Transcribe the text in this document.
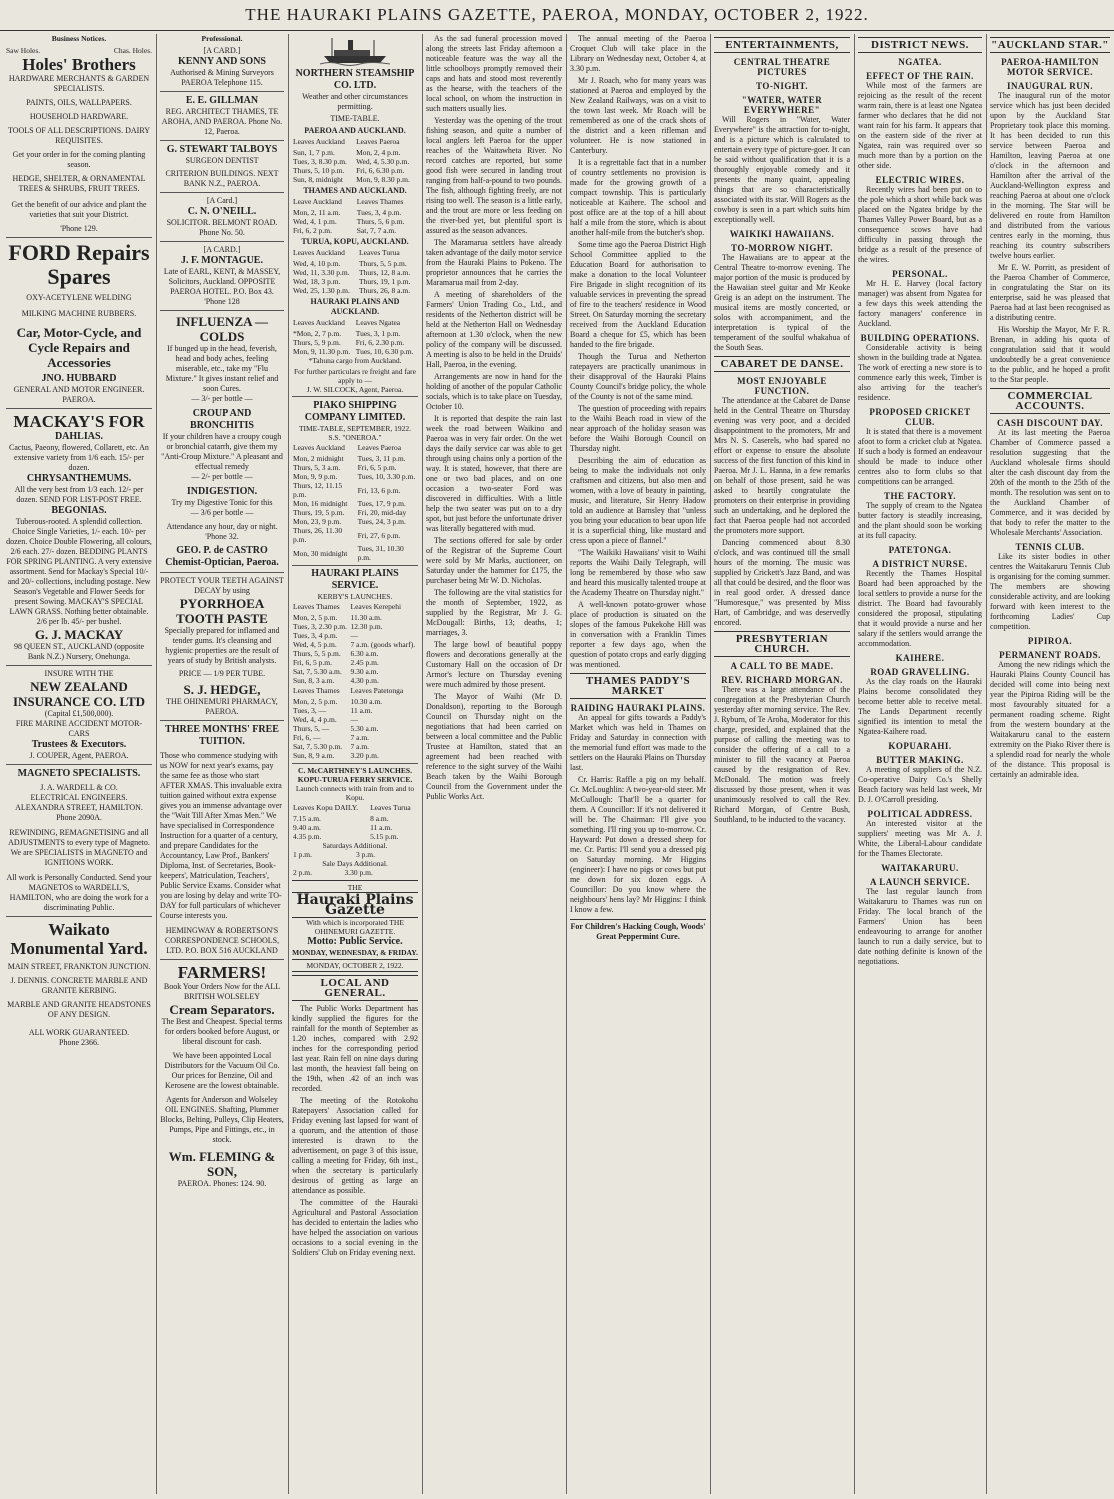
THE HAURAKI PLAINS GAZETTE, PAEROA, MONDAY, OCTOBER 2, 1922.
Business Notices.
Saw Holes.	Chas. Holes.
Holes' Brothers
HARDWARE MERCHANTS & GARDEN SPECIALISTS.
PAINTS, OILS, WALLPAPERS.
HOUSEHOLD HARDWARE.
TOOLS OF ALL DESCRIPTIONS. DAIRY REQUISITES.
Get your order in for the coming planting season.
HEDGE, SHELTER, & ORNAMENTAL TREES & SHRUBS, FRUIT TREES.
Get the benefit of our advice and plant the varieties that suit your District.
'Phone 129.
FORD Repairs
Spares
OXY-ACETYLENE WELDING
MILKING MACHINE RUBBERS.
Car, Motor-Cycle, and Cycle Repairs and Accessories
JNO. HUBBARD
GENERAL AND MOTOR ENGINEER. PAEROA.
MACKAY'S FOR
DAHLIAS.
Cactus, Paeony, flowered, Collarett, etc. An extensive variety from 1/6 each. 15/- per dozen.
CHRYSANTHEMUMS.
All the very best from 1/3 each. 12/- per dozen. SEND FOR LIST-POST FREE.
BEGONIAS.
Tuberous-rooted. A splendid collection. Choice Single Varieties, 1/- each. 10/- per dozen. Choice Double Flowering, all colours, 2/6 each. 27/- dozen. BEDDING PLANTS FOR SPRING PLANTING. A very extensive assortment. Send for Mackay's Special 10/- and 20/- collections, including postage. New Season's Vegetable and Flower Seeds for present Sowing. MACKAY'S SPECIAL LAWN GRASS. Nothing better obtainable. 2/6 per lb. 45/- per bushel.
G. J. MACKAY
98 QUEEN ST., AUCKLAND (opposite Bank N.Z.) Nursery, Onehunga.
INSURE WITH THE
NEW ZEALAND INSURANCE CO. LTD
(Capital £1,500,000).
FIRE MARINE ACCIDENT MOTOR-CARS
Trustees & Executors.
J. COUPER, Agent, PAEROA.
MAGNETO SPECIALISTS.
J. A. WARDELL & CO.
ELECTRICAL ENGINEERS. ALEXANDRA STREET, HAMILTON. Phone 2090A.
REWINDING, REMAGNETISING and all ADJUSTMENTS to every type of Magneto. We are SPECIALISTS in MAGNETO and IGNITIONS WORK.
All work is Personally Conducted. Send your MAGNETOS to WARDELL'S, HAMILTON, who are doing the work for a discriminating Public.
Waikato Monumental Yard.
MAIN STREET, FRANKTON JUNCTION.
J. DENNIS. CONCRETE MARBLE AND GRANITE KERBING.
MARBLE AND GRANITE HEADSTONES OF ANY DESIGN.
ALL WORK GUARANTEED.
Phone 2366.
Professional.
[A CARD.]
KENNY AND SONS
Authorised & Mining Surveyors PAEROA Telephone 115.
E. E. GILLMAN
REG. ARCHITECT THAMES, TE AROHA, AND PAEROA. Phone No. 12, Paeroa.
G. STEWART TALBOYS
SURGEON DENTIST
CRITERION BUILDINGS. NEXT BANK N.Z., PAEROA.
[A Card.]
C. N. O'NEILL.
SOLICITOR. BELMONT ROAD. Phone No. 50.
[A CARD.]
J. F. MONTAGUE.
Late of EARL, KENT, & MASSEY, Solicitors, Auckland. OPPOSITE PAEROA HOTEL. P.O. Box 43. 'Phone 128
INFLUENZA — COLDS
If bunged up in the head, feverish, head and body aches, feeling miserable, etc., take my "Flu Mixture." It gives instant relief and soon Cures.
— 3/- per bottle —
CROUP AND BRONCHITIS
If your children have a croupy cough or bronchial catarrh, give them my "Anti-Croup Mixture." A pleasant and effectual remedy
— 2/- per bottle —
INDIGESTION.
Try my Digestive Tonic for this
— 3/6 per bottle —
Attendance any hour, day or night. 'Phone 32.
GEO. P. de CASTRO Chemist-Optician, Paeroa.
PROTECT YOUR TEETH AGAINST DECAY by using
PYORRHOEA TOOTH PASTE
Specially prepared for inflamed and tender gums. It's cleansing and hygienic properties are the result of years of study by British analysts.
PRICE — 1/9 PER TUBE.
S. J. HEDGE,
THE OHINEMURI PHARMACY, PAEROA.
THREE MONTHS' FREE TUITION.
Those who commence studying with us NOW for next year's exams, pay the same fee as those who start AFTER XMAS. This invaluable extra tuition gained without extra expense gives you an immense advantage over the "Wait Till After Xmas Men." We have specialised in Correspondence Instruction for a quarter of a century, and prepare Candidates for the Accountancy, Law Prof., Bankers' Diploma, Inst. of Secretaries, Book-keepers', Matriculation, Teachers', Public Service Exams. Consider what you are losing by delay and write TO-DAY for full particulars of whichever Course interests you.
HEMINGWAY & ROBERTSON'S CORRESPONDENCE SCHOOLS, LTD. P.O. BOX 516 AUCKLAND
FARMERS!
Book Your Orders Now for the ALL BRITISH WOLSELEY
Cream Separators.
The Best and Cheapest. Special terms for orders booked before August, or liberal discount for cash.
We have been appointed Local Distributors for the Vacuum Oil Co. Our prices for Benzine, Oil and Kerosene are the lowest obtainable.
Agents for Anderson and Wolseley OIL ENGINES. Shafting, Plummer Blocks, Belting, Pulleys, Clip Heaters, Pumps, Pipe and Fittings, etc., in stock.
Wm. FLEMING & SON,
PAEROA. Phones: 124. 90.
NORTHERN STEAMSHIP CO. LTD.
Weather and other circumstances permitting.
TIME-TABLE.
PAEROA AND AUCKLAND.
Leaves Auckland	Leaves Paeroa
Sun, 1, 7 p.m.	Mon, 2, 4 p.m.
Tues, 3, 8.30 p.m.	Wed, 4, 5.30 p.m.
Thurs, 5, 10 p.m.	Fri, 6, 6.30 p.m.
Sun, 8, midnight	Mon, 9, 8.30 p.m.
THAMES AND AUCKLAND.
Leave Auckland	Leaves Thames
Mon, 2, 11 a.m.	Tues, 3, 4 p.m.
Wed, 4, 1 p.m.	Thurs, 5, 6 p.m.
Fri, 6, 2 p.m.	Sat, 7, 7 a.m.
TURUA, KOPU, AUCKLAND.
Leaves Auckland	Leaves Turua
Wed, 4, 10 p.m.	Thurs, 5, 5 p.m.
Wed, 11, 3.30 p.m.	Thurs, 12, 8 a.m.
Wed, 18, 3 p.m.	Thurs, 19, 1 p.m.
Wed, 25, 1.30 p.m.	Thurs, 26, 8 a.m.
HAURAKI PLAINS AND AUCKLAND.
Leaves Auckland	Leaves Ngatea
*Mon, 2, 7 p.m.	Tues, 3, 1 p.m.
Thurs, 5, 9 p.m.	Fri, 6, 2.30 p.m.
Mon, 9, 11.30 p.m.	Tues, 10, 6.30 p.m.
*Tahuna cargo from Auckland.
For further particulars re freight and fare apply to —
J. W. SILCOCK, Agent, Paeroa.
PIAKO SHIPPING COMPANY LIMITED.
TIME-TABLE, SEPTEMBER, 1922. S.S. "ONEROA."
Leaves Auckland	Leaves Paeroa
Mon, 2 midnight	Tues, 3, 11 p.m.
Thurs, 5, 3 a.m.	Fri, 6, 5 p.m.
Mon, 9, 9 p.m.	Tues, 10, 3.30 p.m.
Thurs, 12, 11.15 p.m.	Fri, 13, 6 p.m.
Mon, 16 midnight	Tues, 17, 9 p.m.
Thurs, 19, 5 p.m.	Fri, 20, mid-day
Mon, 23, 9 p.m.	Tues, 24, 3 p.m.
Thurs, 26, 11.30 p.m.	Fri, 27, 6 p.m.
Mon, 30 midnight	Tues, 31, 10.30 p.m.
HAURAKI PLAINS SERVICE.
KERBY'S LAUNCHES.
Leaves Thames	Leaves Kerepehi
Mon, 2, 5 p.m.	11.30 a.m.
Tues, 3, 2.30 p.m.	12.30 p.m.
Tues, 3, 4 p.m.	—
Wed, 4, 5 p.m.	7 a.m. (goods wharf).
Thurs, 5, 5 p.m.	6.30 a.m.
Fri, 6, 5 p.m.	2.45 p.m.
Sat, 7, 5.30 a.m.	9.30 a.m.
Sun, 8, 3 a.m.	4.30 p.m.
Leaves Thames	Leaves Patetonga
Mon, 2, 5 p.m.	10.30 a.m.
Tues, 3, —	11 a.m.
Wed, 4, 4 p.m.	—
Thurs, 5, —	5.30 a.m.
Fri, 6, —	7 a.m.
Sat, 7, 5.30 p.m.	7 a.m.
Sun, 8, 9 a.m.	3.20 p.m.
C. McCARTHNEY'S LAUNCHES. KOPU-TURUA FERRY SERVICE.
Launch connects with train from and to Kopu.
Leaves Kopu DAILY.	Leaves Turua
7.15 a.m.	8 a.m.
9.40 a.m.	11 a.m.
4.35 p.m.	5.15 p.m.
Saturdays Additional.
1 p.m.	3 p.m.
Sale Days Additional.
2 p.m.	3.30 p.m.
THE
Hauraki Plains Gazette
With which is incorporated THE OHINEMURI GAZETTE.
Motto: Public Service.
MONDAY, WEDNESDAY, & FRIDAY.
MONDAY, OCTOBER 2, 1922.
LOCAL AND GENERAL.

The Public Works Department has kindly supplied the figures for the rainfall for the month of September as 1.20 inches, compared with 2.92 inches for the corresponding period last year. Rain fell on nine days during last month, the heaviest fall being on the 19th, when .42 of an inch was recorded.

The meeting of the Rotokohu Ratepayers' Association called for Friday evening last lapsed for want of a quorum, and the attention of those interested is drawn to the advertisement, on page 3 of this issue, calling a meeting for Friday, 6th inst., when the secretary is particularly desirous of getting as large an attendance as possible.

The committee of the Hauraki Agricultural and Pastoral Association has decided to entertain the ladies who have helped the association on various occasions to a social evening in the Soldiers' Club on Friday evening next.

As the sad funeral procession moved along the streets last Friday afternoon a noticeable feature was the way all the little schoolboys promptly removed their caps and hats and stood most reverently as the hearse, with the teachers of the local school, on whom the instruction in such matters usually lies.

Yesterday was the opening of the trout fishing season, and quite a number of local anglers left Paeroa for the upper reaches of the Waitawheta River. No record catches are reported, but some good fish were secured in landing trout ranging from half-a-pound to two pounds. The fish, although fighting freely, are not rising too well. The season is a little early, and the trout are more or less feeding on the river-bed yet, but plentiful sport is assured as the season advances.

The Maramarua settlers have already taken advantage of the daily motor service from the Hauraki Plains to Pokeno. The proprietor announces that he carries the Maramarua mail from 2-day.

A meeting of shareholders of the Farmers' Union Trading Co., Ltd., and residents of the Netherton district will be held at the Netherton Hall on Wednesday afternoon at 1.30 o'clock, when the new policy of the company will be discussed. A meeting is also to be held in the Druids' Hall, Paeroa, in the evening.

Arrangements are now in hand for the holding of another of the popular Catholic socials, which is to take place on Tuesday, October 10.

It is reported that despite the rain last week the road between Waikino and Paeroa was in very fair order. On the wet days the daily service car was able to get through using chains only a portion of the way. It is stated, however, that there are one or two bad places, and on one occasion a two-seater Ford was discovered in difficulties. With a little help the two seater was put on to a dry spot, but just before the unfortunate driver was literally begattered with mud.

The sections offered for sale by order of the Registrar of the Supreme Court were sold by Mr Marks, auctioneer, on Saturday under the hammer for £175, the purchaser being Mr W. D. Nicholas.

The following are the vital statistics for the month of September, 1922, as supplied by the Registrar, Mr J. G. McDougall: Births, 13; deaths, 1; marriages, 3.

The large bowl of beautiful poppy flowers and decorations generally at the Customary Hall on the occasion of Dr Armor's lecture on Thursday evening were much admired by those present.

The Mayor of Waihi (Mr D. Donaldson), reporting to the Borough Council on Thursday night on the negotiations that had been carried on between a local committee and the Public Trustee at Hamilton, stated that an agreement had been reached with reference to the sight survey of the Waihi Beach taken by the Waihi Borough Council from the Government under the Public Works Act.

The annual meeting of the Paeroa Croquet Club will take place in the Library on Wednesday next, October 4, at 3.30 p.m.

Mr J. Roach, who for many years was stationed at Paeroa and employed by the New Zealand Railways, was on a visit to the town last week. Mr Roach will be remembered as one of the crack shots of the district and a keen rifleman and volunteer. He is now stationed in Canterbury.

It is a regrettable fact that in a number of country settlements no provision is made for the growing growth of a compact township. This is particularly noticeable at Kaihere. The school and post office are at the top of a hill about half a mile from the store, which is about another half-mile from the butcher's shop.

Some time ago the Paeroa District High School Committee applied to the Education Board for authorisation to make a donation to the local Volunteer Fire Brigade in slight recognition of its valuable services in preventing the spread of fire to the teachers' residence in Wood Street. On Saturday morning the secretary received from the Auckland Education Board a cheque for £5, which has been handed to the fire brigade.

Though the Turua and Netherton ratepayers are practically unanimous in their disapproval of the Hauraki Plains County Council's bridge policy, the whole of the County is not of the same mind.

The question of proceeding with repairs to the Waihi Beach road in view of the near approach of the holiday season was before the Waihi Borough Council on Thursday night.

Describing the aim of education as being to make the individuals not only craftsmen and citizens, but also men and women, with a love of beauty in painting, music, and literature, Sir Henry Hadow told an audience at Barnsley that "unless you bring your education to bear upon life it is a superficial thing, like mustard and cress upon a piece of flannel."

"The Waikiki Hawaiians' visit to Waihi reports the Waihi Daily Telegraph, will long be remembered by those who saw and heard this musically talented troupe at the Academy Theatre on Thursday night."

A well-known potato-grower whose place of production is situated on the slopes of the famous Pukekohe Hill was in conversation with a Franklin Times reporter a few days ago, when the question of potato crops and early digging was mentioned.

THAMES PADDY'S MARKET
RAIDING HAURAKI PLAINS.

An appeal for gifts towards a Paddy's Market which was held in Thames on Friday and Saturday in connection with the memorial fund effort was made to the settlers on the Hauraki Plains on Thursday last.

Cr. Harris: Raffle a pig on my behalf. Cr. McLoughlin: A two-year-old steer. Mr McCullough: That'll be a quarter for them. A Councillor: If it's not delivered it will be. The Chairman: I'll give you something. I'll ring you up to-morrow. Cr. Hayward: Put down a dressed sheep for me. Cr. Partis: I'll send you a dressed pig on Saturday morning. Mr Higgins (engineer): I have no pigs or cows but put me down for six dozen eggs. A Councillor: Do you know where the neighbours' hens lay? Mr Higgins: I think I know a few.

For Children's Hacking Cough, Woods' Great Peppermint Cure.
ENTERTAINMENTS,
CENTRAL THEATRE PICTURES
TO-NIGHT.
"WATER, WATER EVERYWHERE"

Will Rogers in "Water, Water Everywhere" is the attraction for to-night, and is a picture which is calculated to entertain every type of picture-goer. It can be said without qualification that it is a thoroughly enjoyable comedy and it presents the many quaint, appealing things that are so characteristically associated with its star. Will Rogers as the cowboy is seen in a part which suits him exceptionally well.

WAIKIKI HAWAIIANS.
TO-MORROW NIGHT.

The Hawaiians are to appear at the Central Theatre to-morrow evening. The major portion of the music is produced by the Hawaiian steel guitar and Mr Keoke Greig is an adept on the instrument. The musical items are mostly concerted, or solos with accompaniment, and the interpretation is typical of the temperament of the soulful whakahua of the South Seas.

CABARET DE DANSE.
MOST ENJOYABLE FUNCTION.

The attendance at the Cabaret de Danse held in the Central Theatre on Thursday evening was very poor, and a decided disappointment to the promoters, Mr and Mrs N. S. Caserels, who had spared no effort or expense to ensure the absolute success of the first function of this kind in Paeroa. Mr J. L. Hanna, in a few remarks on behalf of those present, said he was asked to heartily congratulate the promoters on their enterprise in providing such an undertaking, and he deplored the fact that Paeroa people had not accorded the promoters more support.

Dancing commenced about 8.30 o'clock, and was continued till the small hours of the morning. The music was supplied by Crickett's Jazz Band, and was all that could be desired, and the floor was in real good order. A dressed dance "Humoresque," was presented by Miss Hart, of Cambridge, and was deservedly encored.

PRESBYTERIAN CHURCH.
A CALL TO BE MADE.
REV. RICHARD MORGAN.

There was a large attendance of the congregation at the Presbyterian Church yesterday after morning service. The Rev. J. Ryburn, of Te Aroha, Moderator for this charge, presided, and explained that the purpose of calling the meeting was to consider the offering of a call to a minister to fill the vacancy at Paeroa caused by the resignation of Rev. McDonald. The motion was freely discussed by those present, when it was unanimously resolved to call the Rev. Richard Morgan, of Centre Bush, Southland, to be inducted to the vacancy.

DISTRICT NEWS.
NGATEA.
EFFECT OF THE RAIN.

While most of the farmers are rejoicing as the result of the recent warm rain, there is at least one Ngatea farmer who declares that he did not want rain for his farm. It appears that on the eastern side of the river at Ngatea, rain was required over so much more than by a portion on the other side.

ELECTRIC WIRES.

Recently wires had been put on to the pole which a short while back was placed on the Ngatea bridge by the Thames Valley Power Board, but as a consequence scows have had difficulty in passing through the bridge as a result of the presence of the wires.

PERSONAL.

Mr H. E. Harvey (local factory manager) was absent from Ngatea for a few days this week attending the factory managers' conference in Auckland.

BUILDING OPERATIONS.

Considerable activity is being shown in the building trade at Ngatea. The work of erecting a new store is to commence early this week, Timber is also arriving for the teacher's residence.

PROPOSED CRICKET CLUB.

It is stated that there is a movement afoot to form a cricket club at Ngatea. If such a body is formed an endeavour should be made to induce other centres also to form clubs so that competitions can be arranged.

THE FACTORY.

The supply of cream to the Ngatea butter factory is steadily increasing, and the plant should soon be working at its full capacity.

PATETONGA.
A DISTRICT NURSE.

Recently the Thames Hospital Board had been approached by the local settlers to provide a nurse for the district. The Board had favourably considered the proposal, stipulating that it would provide a nurse and her salary if the settlers would arrange the accommodation.

KAIHERE.
ROAD GRAVELLING.

As the clay roads on the Hauraki Plains become consolidated they become better able to receive metal. The Lands Department recently signified its intention to metal the Ngatea-Kaihere road.

KOPUARAHI.
BUTTER MAKING.

A meeting of suppliers of the N.Z. Co-operative Dairy Co.'s Shelly Beach factory was held last week, Mr D. J. O'Carroll presiding.

POLITICAL ADDRESS.

An interested visitor at the suppliers' meeting was Mr A. J. White, the Liberal-Labour candidate for the Thames Electorate.

WAITAKARURU.
A LAUNCH SERVICE.

The last regular launch from Waitakaruru to Thames was run on Friday. The local branch of the Farmers' Union has been endeavouring to arrange for another launch to run a daily service, but to date nothing definite is known of the negotiations.

"AUCKLAND STAR."
PAEROA-HAMILTON MOTOR SERVICE.
INAUGURAL RUN.

The inaugural run of the motor service which has just been decided upon by the Auckland Star Proprietary took place this morning. It has been decided to run this service between Paeroa and Hamilton, leaving Paeroa at one o'clock in the afternoon and Hamilton after the arrival of the Auckland-Wellington express and reaching Paeroa at about one o'clock in the morning. The Star will be delivered en route from Hamilton and distributed from the various centres early in the morning, thus reaching its country subscribers twelve hours earlier.

Mr E. W. Porritt, as president of the Paeroa Chamber of Commerce, in congratulating the Star on its enterprise, said he was pleased that Paeroa had at last been recognised as a distributing centre.

His Worship the Mayor, Mr F. R. Brenan, in adding his quota of congratulation said that it would undoubtedly be a great convenience to the public, and he hoped a profit to the Star people.

COMMERCIAL ACCOUNTS.
CASH DISCOUNT DAY.

At its last meeting the Paeroa Chamber of Commerce passed a resolution suggesting that the Auckland wholesale firms should alter the cash discount day from the 20th of the month to the 25th of the month. The resolution was sent on to the Auckland Chamber of Commerce, and it was decided by that body to refer the matter to the Wholesale Merchants' Association.

TENNIS CLUB.

Like its sister bodies in other centres the Waitakaruru Tennis Club is organising for the coming summer. The members are showing considerable activity, and are looking forward with keen interest to the forthcoming Ladies' Cup competition.

PIPIROA.
PERMANENT ROADS.

Among the new ridings which the Hauraki Plains County Council has decided will come into being next year the Pipiroa Riding will be the most favourably situated for a permanent roading scheme. Right from the western boundary at the Waitakaruru canal to the eastern extremity on the Piako River there is a splendid road for nearly the whole of the distance. This proposal is certainly an admirable idea.
